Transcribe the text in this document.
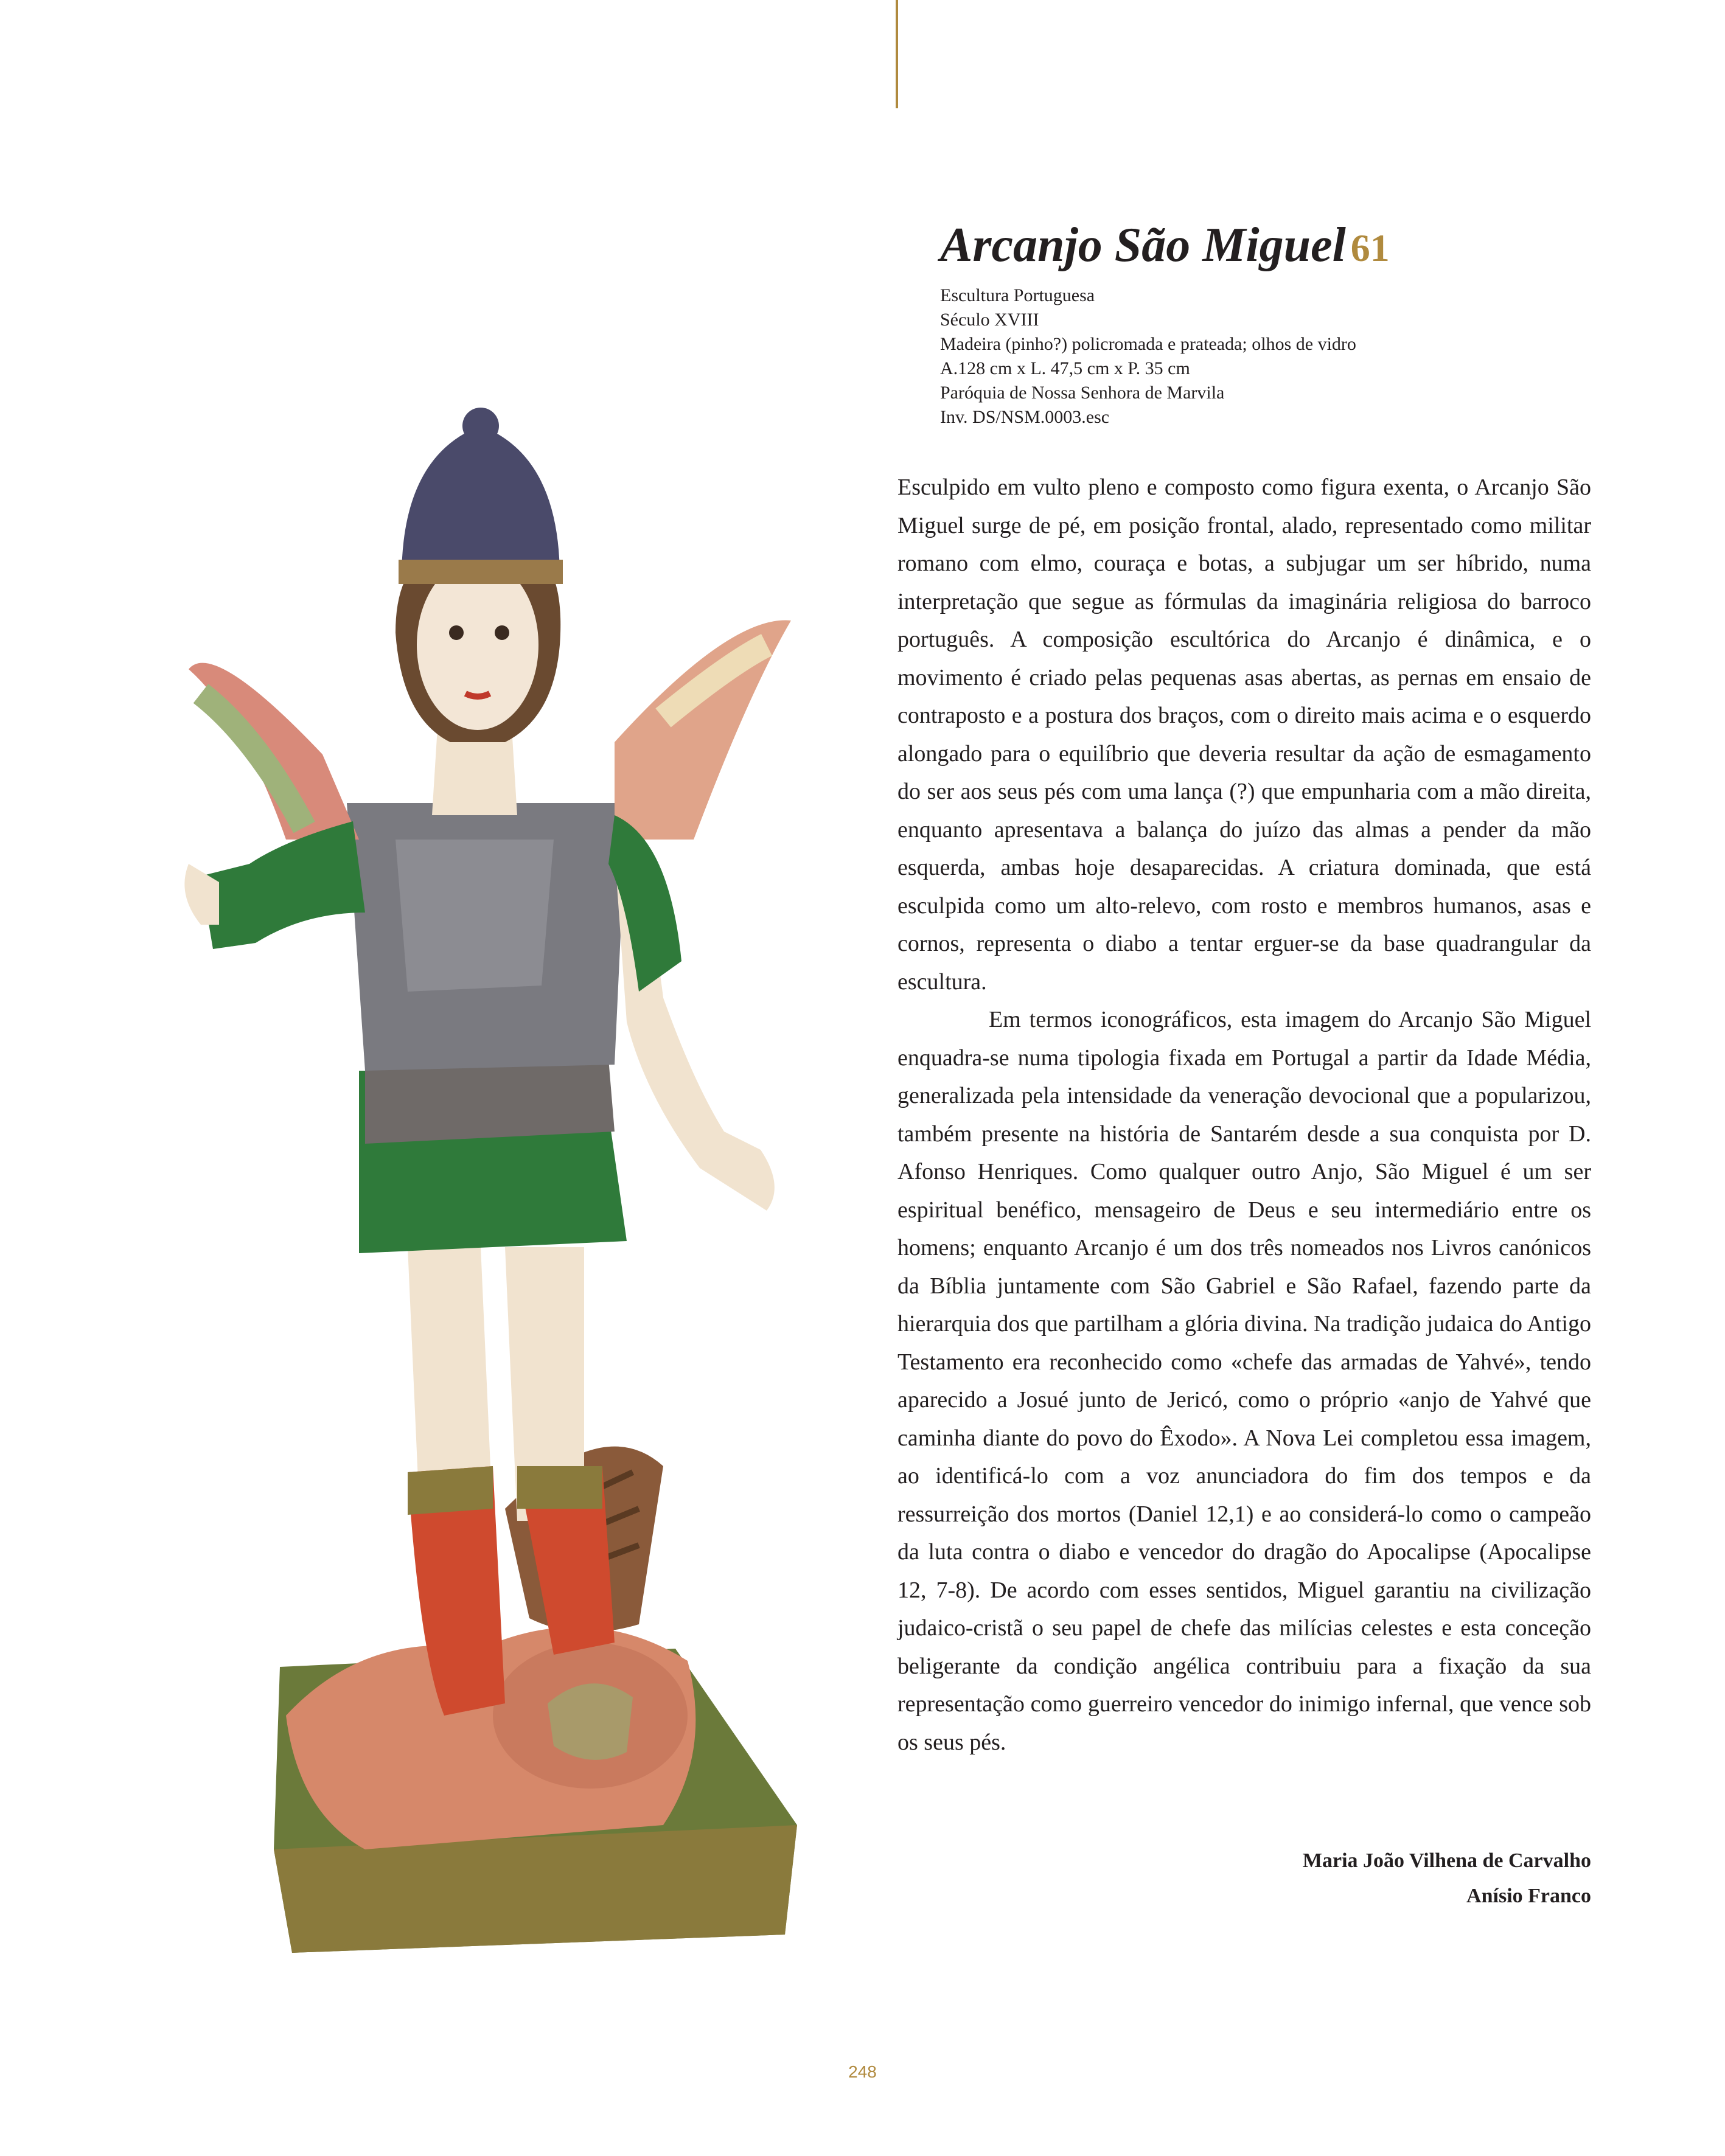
Arcanjo São Miguel 61
Escultura Portuguesa
Século XVIII
Madeira (pinho?) policromada e prateada; olhos de vidro
A.128 cm x L. 47,5 cm x P. 35 cm
Paróquia de Nossa Senhora de Marvila
Inv. DS/NSM.0003.esc

Esculpido em vulto pleno e composto como figura exenta, o Arcanjo São Miguel surge de pé, em posição frontal, alado, representado como militar romano com elmo, couraça e botas, a subjugar um ser híbrido, numa interpretação que segue as fórmulas da imaginária religiosa do barroco português. A composição escultórica do Arcanjo é dinâmica, e o movimento é criado pelas pequenas asas abertas, as pernas em ensaio de contraposto e a postura dos braços, com o direito mais acima e o esquerdo alongado para o equilíbrio que deveria resultar da ação de esmagamento do ser aos seus pés com uma lança (?) que empunharia com a mão direita, enquanto apresentava a balança do juízo das almas a pender da mão esquerda, ambas hoje desaparecidas. A criatura dominada, que está esculpida como um alto-relevo, com rosto e membros humanos, asas e cornos, representa o diabo a tentar erguer-se da base quadrangular da escultura.

Em termos iconográficos, esta imagem do Arcanjo São Miguel enquadra-se numa tipologia fixada em Portugal a partir da Idade Média, generalizada pela intensidade da veneração devocional que a popularizou, também presente na história de Santarém desde a sua conquista por D. Afonso Henriques. Como qualquer outro Anjo, São Miguel é um ser espiritual benéfico, mensageiro de Deus e seu intermediário entre os homens; enquanto Arcanjo é um dos três nomeados nos Livros canónicos da Bíblia juntamente com São Gabriel e São Rafael, fazendo parte da hierarquia dos que partilham a glória divina. Na tradição judaica do Antigo Testamento era reconhecido como «chefe das armadas de Yahvé», tendo aparecido a Josué junto de Jericó, como o próprio «anjo de Yahvé que caminha diante do povo do Êxodo». A Nova Lei completou essa imagem, ao identificá-lo com a voz anunciadora do fim dos tempos e da ressurreição dos mortos (Daniel 12,1) e ao considerá-lo como o campeão da luta contra o diabo e vencedor do dragão do Apocalipse (Apocalipse 12, 7-8). De acordo com esses sentidos, Miguel garantiu na civilização judaico-cristã o seu papel de chefe das milícias celestes e esta conceção beligerante da condição angélica contribuiu para a fixação da sua representação como guerreiro vencedor do inimigo infernal, que vence sob os seus pés.

Maria João Vilhena de Carvalho
Anísio Franco
248
